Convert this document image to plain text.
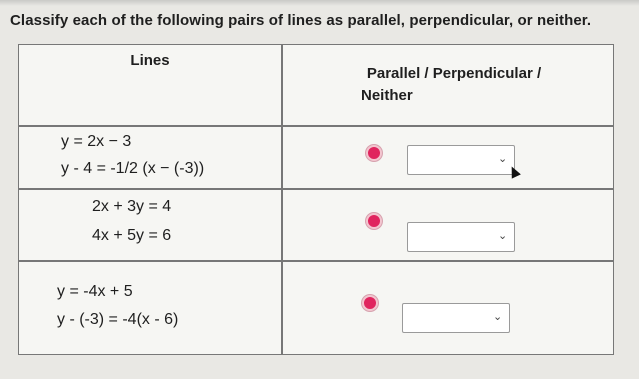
Classify each of the following pairs of lines as parallel, perpendicular, or neither.
Lines
Parallel / Perpendicular /
Neither
y = 2x − 3
y - 4 = -1/2 (x − (-3))
⌄
2x + 3y = 4
4x + 5y = 6	⌄
y = -4x + 5
y - (-3) = -4(x - 6)	⌄
